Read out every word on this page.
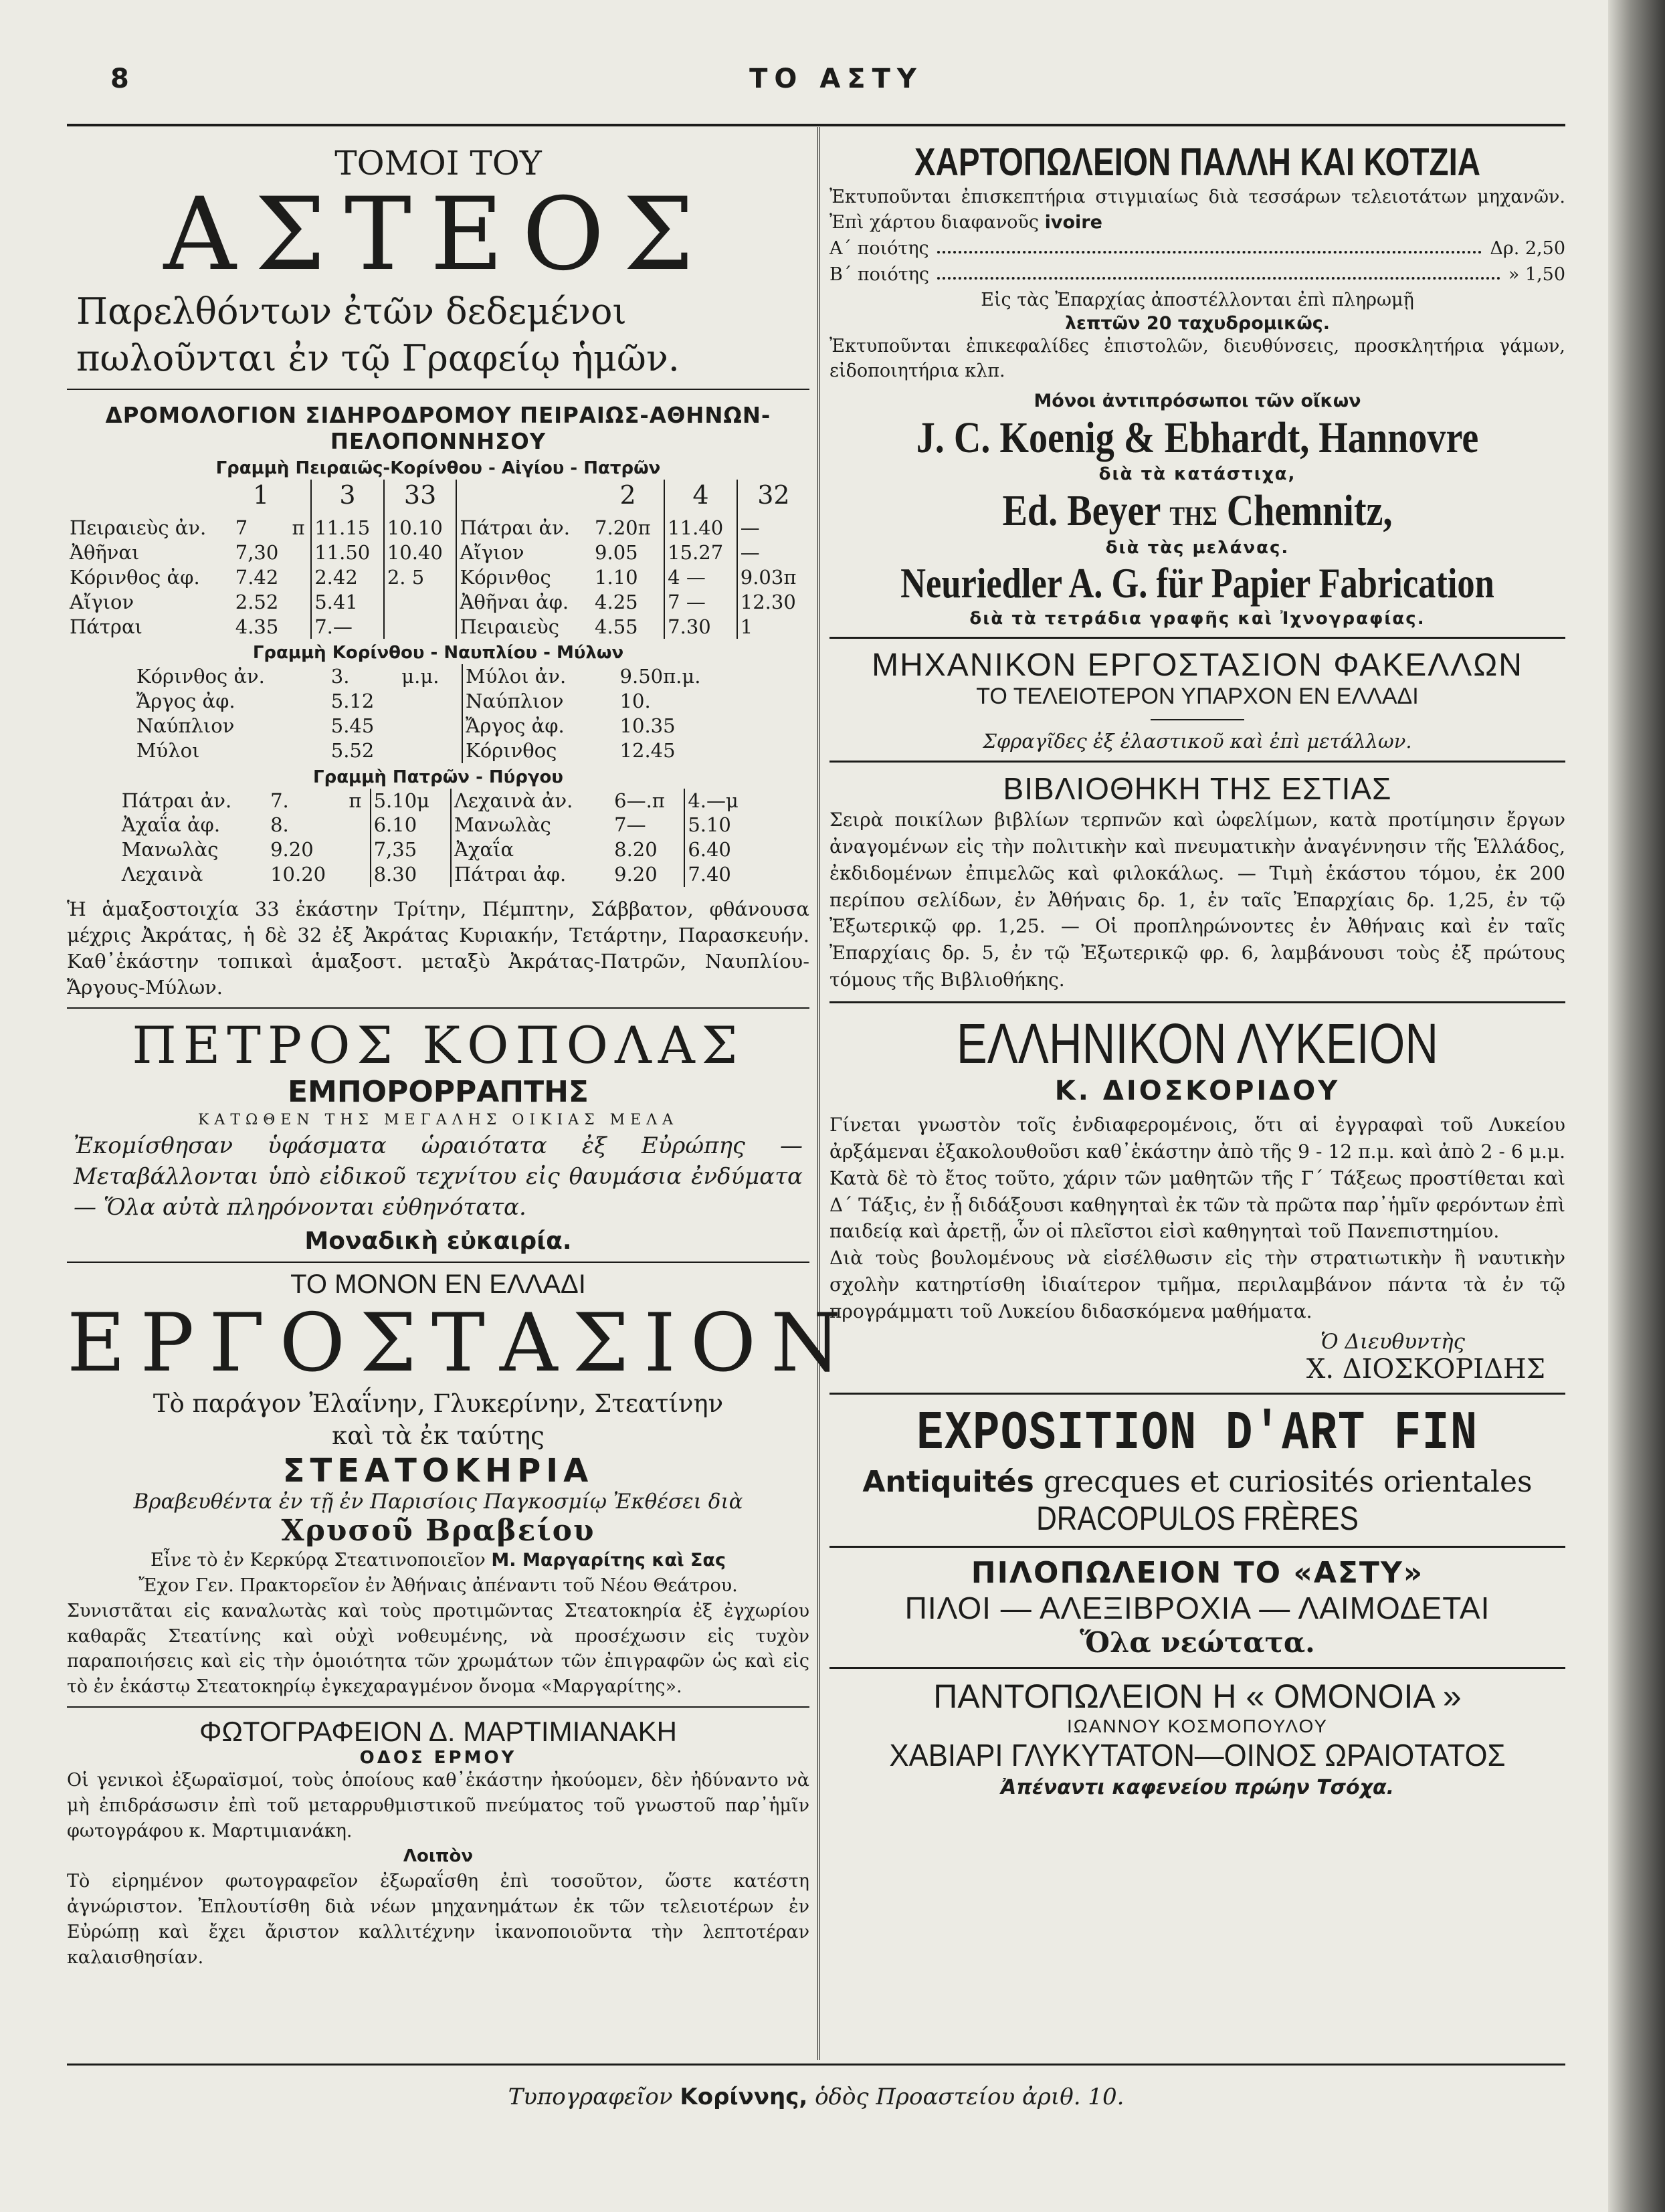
8	ΤΟ ΑΣΤΥ
ΤΟΜΟΙ ΤΟΥ
ΑΣΤΕΟΣ
Παρελθόντων ἐτῶν δεδεμένοι πωλοῦνται ἐν τῷ Γραφείῳ ἡμῶν.
ΔΡΟΜΟΛΟΓΙΟΝ ΣΙΔΗΡΟΔΡΟΜΟΥ ΠΕΙΡΑΙΩΣ-ΑΘΗΝΩΝ-ΠΕΛΟΠΟΝΝΗΣΟΥ
Γραμμὴ Πειραιῶς-Κορίνθου - Αἰγίου - Πατρῶν
	1		3	33		2	4	32
Πειραιεὺς ἀν.	7	π	11.15	10.10	Πάτραι ἀν.	7.20π	11.40	—
Ἀθῆναι	7,30		11.50	10.40	Αἴγιον	9.05	15.27	—
Κόρινθος ἀφ.	7.42		2.42	2. 5	Κόρινθος	1.10	4 —	9.03π
Αἴγιον	2.52		5.41		Ἀθῆναι ἀφ.	4.25	7 —	12.30
Πάτραι	4.35		7.—		Πειραιεὺς	4.55	7.30	1
Γραμμὴ Κορίνθου - Ναυπλίου - Μύλων
Κόρινθος ἀν.	3.	μ.μ.	Μύλοι ἀν.	9.50π.μ.
Ἄργος ἀφ.	5.12		Ναύπλιον	10.
Ναύπλιον	5.45		Ἄργος ἀφ.	10.35
Μύλοι	5.52		Κόρινθος	12.45
Γραμμὴ Πατρῶν - Πύργου
Πάτραι ἀν.	7.	π	5.10μ	Λεχαινὰ ἀν.	6—.π	4.—μ
Ἀχαΐα ἀφ.	8.		6.10	Μανωλὰς	7—	5.10
Μανωλὰς	9.20		7,35	Ἀχαΐα	8.20	6.40
Λεχαινὰ	10.20		8.30	Πάτραι ἀφ.	9.20	7.40
Ἡ ἁμαξοστοιχία 33 ἑκάστην Τρίτην, Πέμπτην, Σάββατον, φθάνουσα μέχρις Ἀκράτας, ἡ δὲ 32 ἐξ Ἀκράτας Κυριακήν, Τετάρτην, Παρασκευήν. Καθ᾽ἑκάστην τοπικαὶ ἁμαξοστ. μεταξὺ Ἀκράτας-Πατρῶν, Ναυπλίου-Ἄργους-Μύλων.
ΠΕΤΡΟΣ ΚΟΠΟΛΑΣ
ΕΜΠΟΡΟΡΡΑΠΤΗΣ
ΚΑΤΩΘΕΝ ΤΗΣ ΜΕΓΑΛΗΣ ΟΙΚΙΑΣ ΜΕΛΑ
Ἐκομίσθησαν ὑφάσματα ὡραιότατα ἐξ Εὐρώπης — Μεταβάλλονται ὑπὸ εἰδικοῦ τεχνίτου εἰς θαυμάσια ἐνδύματα — Ὅλα αὐτὰ πληρόνονται εὐθηνότατα.
Μοναδικὴ εὐκαιρία.
ΤΟ ΜΟΝΟΝ ΕΝ ΕΛΛΑΔΙ
ΕΡΓΟΣΤΑΣΙΟΝ
Τὸ παράγον Ἐλαΐνην, Γλυκερίνην, Στεατίνην
καὶ τὰ ἐκ ταύτης
ΣΤΕΑΤΟΚΗΡΙΑ
Βραβευθέντα ἐν τῇ ἐν Παρισίοις Παγκοσμίῳ Ἐκθέσει διὰ
Χρυσοῦ Βραβείου
Εἶνε τὸ ἐν Κερκύρᾳ Στεατινοποιεῖον Μ. Μαργαρίτης καὶ Σας
Ἔχον Γεν. Πρακτορεῖον ἐν Ἀθήναις ἀπέναντι τοῦ Νέου Θεάτρου.
Συνιστᾶται εἰς καναλωτὰς καὶ τοὺς προτιμῶντας Στεατοκηρία ἐξ ἐγχωρίου καθαρᾶς Στεατίνης καὶ οὐχὶ νοθευμένης, νὰ προσέχωσιν εἰς τυχὸν παραποιήσεις καὶ εἰς τὴν ὁμοιότητα τῶν χρωμάτων τῶν ἐπιγραφῶν ὡς καὶ εἰς τὸ ἐν ἑκάστῳ Στεατοκηρίῳ ἐγκεχαραγμένον ὄνομα «Μαργαρίτης».
ΦΩΤΟΓΡΑΦΕΙΟΝ Δ. ΜΑΡΤΙΜΙΑΝΑΚΗ
ΟΔΟΣ ΕΡΜΟΥ
Οἱ γενικοὶ ἐξωραϊσμοί, τοὺς ὁποίους καθ᾽ἑκάστην ἠκούομεν, δὲν ἠδύναντο νὰ μὴ ἐπιδράσωσιν ἐπὶ τοῦ μεταρρυθμιστικοῦ πνεύματος τοῦ γνωστοῦ παρ᾽ἡμῖν φωτογράφου κ. Μαρτιμιανάκη.
Λοιπὸν
Τὸ εἰρημένον φωτογραφεῖον ἐξωραΐσθη ἐπὶ τοσοῦτον, ὥστε κατέστη ἀγνώριστον. Ἐπλουτίσθη διὰ νέων μηχανημάτων ἐκ τῶν τελειοτέρων ἐν Εὐρώπῃ καὶ ἔχει ἄριστον καλλιτέχνην ἱκανοποιοῦντα τὴν λεπτοτέραν καλαισθησίαν.
ΧΑΡΤΟΠΩΛΕΙΟΝ ΠΑΛΛΗ ΚΑΙ ΚΟΤΖΙΑ
Ἐκτυποῦνται ἐπισκεπτήρια στιγμιαίως διὰ τεσσάρων τελειοτάτων μηχανῶν. Ἐπὶ χάρτου διαφανοῦς ivoire
Α΄ ποιότης	Δρ. 2,50
Β΄ ποιότης	» 1,50
Εἰς τὰς Ἐπαρχίας ἀποστέλλονται ἐπὶ πληρωμῇ
λεπτῶν 20 ταχυδρομικῶς.
Ἐκτυποῦνται ἐπικεφαλίδες ἐπιστολῶν, διευθύνσεις, προσκλητήρια γάμων, εἰδοποιητήρια κλπ.
Μόνοι ἀντιπρόσωποι τῶν οἴκων
J. C. Koenig & Ebhardt, Hannovre
διὰ τὰ κατάστιχα,
Ed. Beyer ΤΗΣ Chemnitz,
διὰ τὰς μελάνας.
Neuriedler A. G. für Papier Fabrication
διὰ τὰ τετράδια γραφῆς καὶ Ἰχνογραφίας.
ΜΗΧΑΝΙΚΟΝ ΕΡΓΟΣΤΑΣΙΟΝ ΦΑΚΕΛΛΩΝ
ΤΟ ΤΕΛΕΙΟΤΕΡΟΝ ΥΠΑΡΧΟΝ ΕΝ ΕΛΛΑΔΙ
Σφραγῖδες ἐξ ἐλαστικοῦ καὶ ἐπὶ μετάλλων.
ΒΙΒΛΙΟΘΗΚΗ ΤΗΣ ΕΣΤΙΑΣ
Σειρὰ ποικίλων βιβλίων τερπνῶν καὶ ὠφελίμων, κατὰ προτίμησιν ἔργων ἀναγομένων εἰς τὴν πολιτικὴν καὶ πνευματικὴν ἀναγέννησιν τῆς Ἑλλάδος, ἐκδιδομένων ἐπιμελῶς καὶ φιλοκάλως. — Τιμὴ ἑκάστου τόμου, ἐκ 200 περίπου σελίδων, ἐν Ἀθήναις δρ. 1, ἐν ταῖς Ἐπαρχίαις δρ. 1,25, ἐν τῷ Ἐξωτερικῷ φρ. 1,25. — Οἱ προπληρώνοντες ἐν Ἀθήναις καὶ ἐν ταῖς Ἐπαρχίαις δρ. 5, ἐν τῷ Ἐξωτερικῷ φρ. 6, λαμβάνουσι τοὺς ἐξ πρώτους τόμους τῆς Βιβλιοθήκης.
ΕΛΛΗΝΙΚΟΝ ΛΥΚΕΙΟΝ
Κ. ΔΙΟΣΚΟΡΙΔΟΥ
Γίνεται γνωστὸν τοῖς ἐνδιαφερομένοις, ὅτι αἱ ἐγγραφαὶ τοῦ Λυκείου ἀρξάμεναι ἐξακολουθοῦσι καθ᾽ἑκάστην ἀπὸ τῆς 9 - 12 π.μ. καὶ ἀπὸ 2 - 6 μ.μ. Κατὰ δὲ τὸ ἔτος τοῦτο, χάριν τῶν μαθητῶν τῆς Γ΄ Τάξεως προστίθεται καὶ Δ΄ Τάξις, ἐν ᾗ διδάξουσι καθηγηταὶ ἐκ τῶν τὰ πρῶτα παρ᾽ἡμῖν φερόντων ἐπὶ παιδείᾳ καὶ ἀρετῇ, ὧν οἱ πλεῖστοι εἰσὶ καθηγηταὶ τοῦ Πανεπιστημίου.
Διὰ τοὺς βουλομένους νὰ εἰσέλθωσιν εἰς τὴν στρατιωτικὴν ἢ ναυτικὴν σχολὴν κατηρτίσθη ἰδιαίτερον τμῆμα, περιλαμβάνον πάντα τὰ ἐν τῷ προγράμματι τοῦ Λυκείου διδασκόμενα μαθήματα.
Ὁ Διευθυντὴς
Χ. ΔΙΟΣΚΟΡΙΔΗΣ
EXPOSITION D'ART FIN
Antiquités grecques et curiosités orientales
DRACOPULOS FRÈRES
ΠΙΛΟΠΩΛΕΙΟΝ ΤΟ «ΑΣΤΥ»
ΠΙΛΟΙ — ΑΛΕΞΙΒΡΟΧΙΑ — ΛΑΙΜΟΔΕΤΑΙ
Ὅλα νεώτατα.
ΠΑΝΤΟΠΩΛΕΙΟΝ Η « ΟΜΟΝΟΙΑ »
ΙΩΑΝΝΟΥ ΚΟΣΜΟΠΟΥΛΟΥ
ΧΑΒΙΑΡΙ ΓΛΥΚΥΤΑΤΟΝ—ΟΙΝΟΣ ΩΡΑΙΟΤΑΤΟΣ
Ἀπέναντι καφενείου πρώην Τσόχα.
Τυπογραφεῖον Κορίννης, ὁδὸς Προαστείου ἀριθ. 10.
